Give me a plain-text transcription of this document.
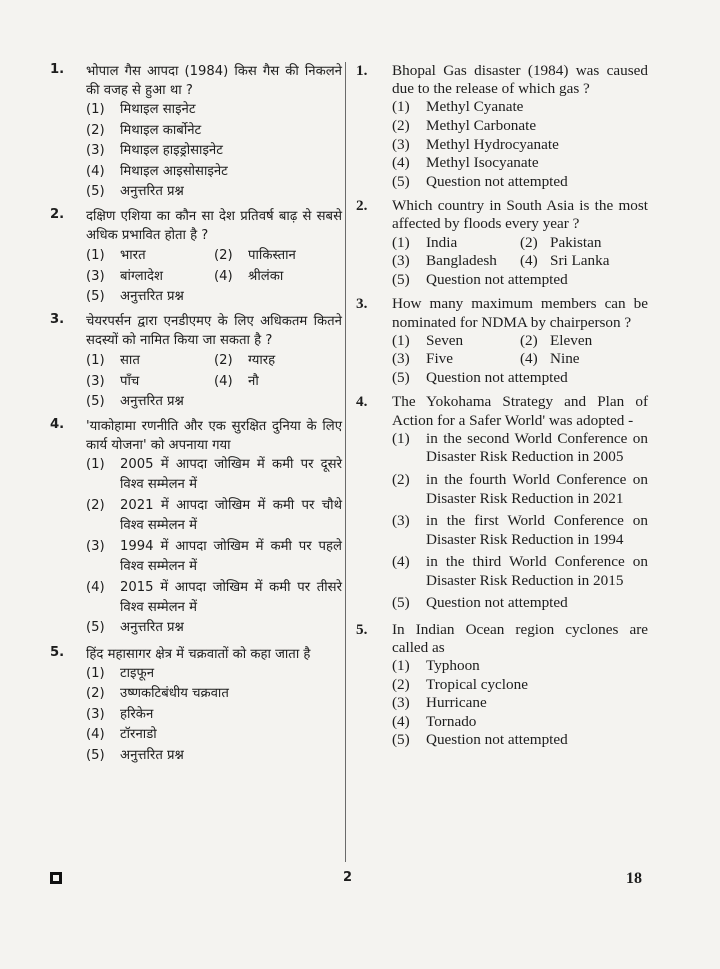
1. भोपाल गैस आपदा (1984) किस गैस की निकलने की वजह से हुआ था ?
(1)	मिथाइल साइनेट
(2)	मिथाइल कार्बोनेट
(3)	मिथाइल हाइड्रोसाइनेट
(4)	मिथाइल आइसोसाइनेट
(5)	अनुत्तरित प्रश्न
2. दक्षिण एशिया का कौन सा देश प्रतिवर्ष बाढ़ से सबसे अधिक प्रभावित होता है ?
(1)	भारत	(2)	पाकिस्तान
(3)	बांग्लादेश	(4)	श्रीलंका
(5)	अनुत्तरित प्रश्न
3. चेयरपर्सन द्वारा एनडीएमए के लिए अधिकतम कितने सदस्यों को नामित किया जा सकता है ?
(1)	सात	(2)	ग्यारह
(3)	पाँच	(4)	नौ
(5)	अनुत्तरित प्रश्न
4. 'याकोहामा रणनीति और एक सुरक्षित दुनिया के लिए कार्य योजना' को अपनाया गया
(1)	2005 में आपदा जोखिम में कमी पर दूसरे विश्व सम्मेलन में
(2)	2021 में आपदा जोखिम में कमी पर चौथे विश्व सम्मेलन में
(3)	1994 में आपदा जोखिम में कमी पर पहले विश्व सम्मेलन में
(4)	2015 में आपदा जोखिम में कमी पर तीसरे विश्व सम्मेलन में
(5)	अनुत्तरित प्रश्न
5. हिंद महासागर क्षेत्र में चक्रवातों को कहा जाता है
(1)	टाइफून
(2)	उष्णकटिबंधीय चक्रवात
(3)	हरिकेन
(4)	टॉरनाडो
(5)	अनुत्तरित प्रश्न
1. Bhopal Gas disaster (1984) was caused due to the release of which gas ?
(1)	Methyl Cyanate
(2)	Methyl Carbonate
(3)	Methyl Hydrocyanate
(4)	Methyl Isocyanate
(5)	Question not attempted
2. Which country in South Asia is the most affected by floods every year ?
(1)	India	(2) Pakistan
(3)	Bangladesh (4) Sri Lanka
(5)	Question not attempted
3. How many maximum members can be nominated for NDMA by chairperson ?
(1)	Seven	(2) Eleven
(3)	Five	(4) Nine
(5)	Question not attempted
4. The Yokohama Strategy and Plan of Action for a Safer World' was adopted -
(1)	in the second World Conference on Disaster Risk Reduction in 2005
(2)	in the fourth World Conference on Disaster Risk Reduction in 2021
(3)	in the first World Conference on Disaster Risk Reduction in 1994
(4)	in the third World Conference on Disaster Risk Reduction in 2015
(5)	Question not attempted
5. In Indian Ocean region cyclones are called as
(1)	Typhoon
(2)	Tropical cyclone
(3)	Hurricane
(4)	Tornado
(5)	Question not attempted
2	18
